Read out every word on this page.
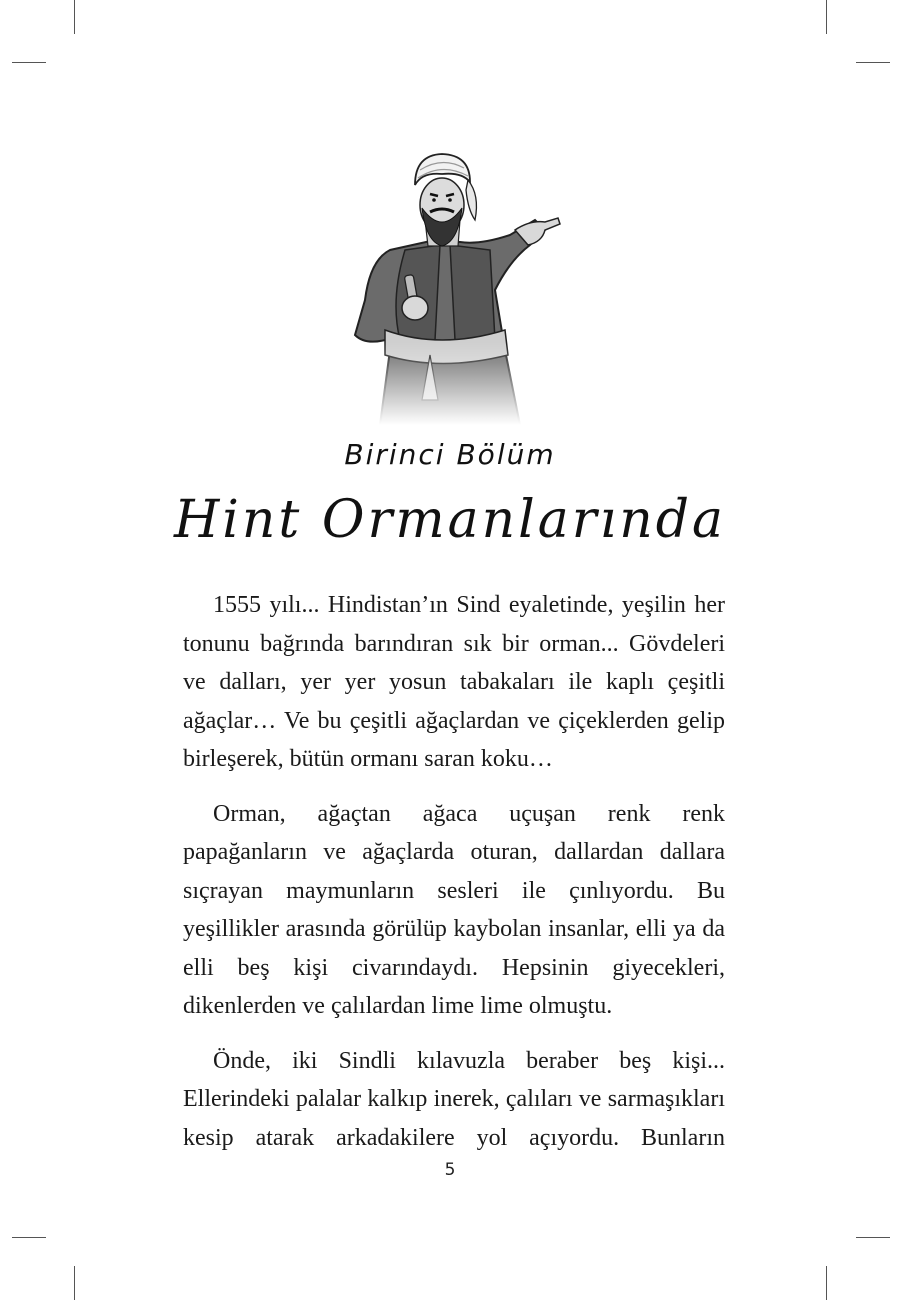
Birinci Bölüm
Hint Ormanlarında

1555 yılı... Hindistan’ın Sind eyaletinde, yeşilin her tonunu bağrında barındıran sık bir orman... Gövdeleri ve dalları, yer yer yosun tabakaları ile kaplı çeşitli ağaçlar… Ve bu çeşitli ağaçlardan ve çiçeklerden gelip birleşerek, bütün ormanı saran koku…

Orman, ağaçtan ağaca uçuşan renk renk papağanların ve ağaçlarda oturan, dallardan dallara sıçrayan maymunların sesleri ile çınlıyordu. Bu yeşillikler arasında görülüp kaybolan insanlar, elli ya da elli beş kişi civarındaydı. Hepsinin giyecekleri, dikenlerden ve çalılardan lime lime olmuştu.

Önde, iki Sindli kılavuzla beraber beş kişi... Ellerindeki palalar kalkıp inerek, çalıları ve sarmaşıkları kesip atarak arkadakilere yol açıyordu. Bunların

5
